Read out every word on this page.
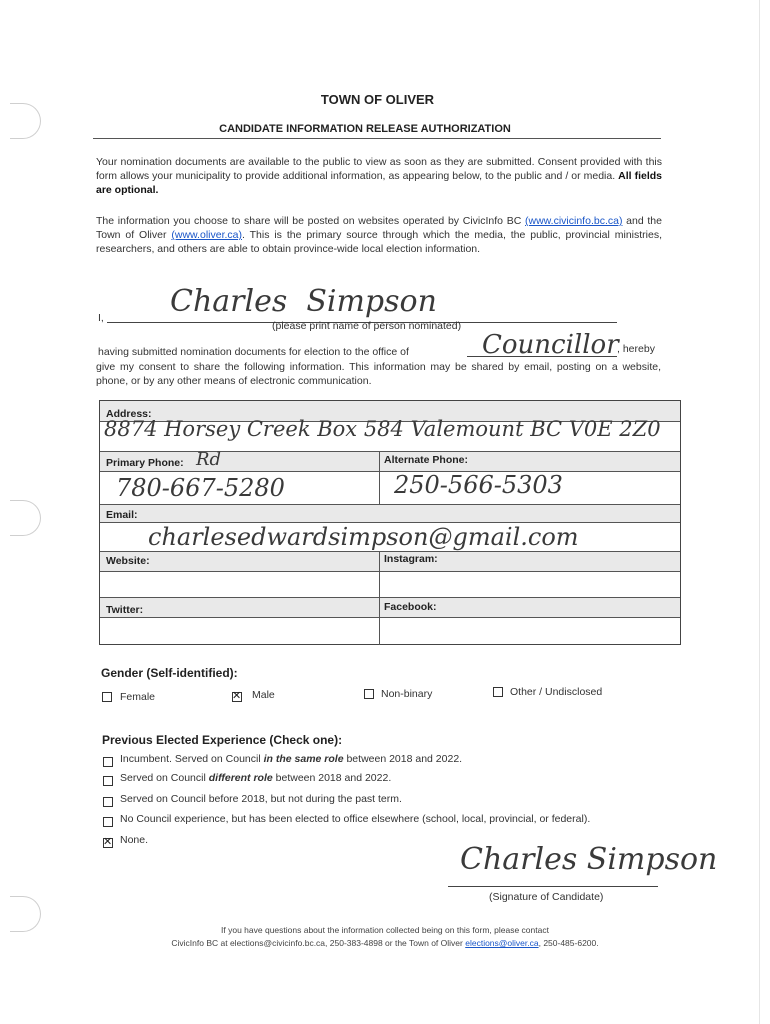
TOWN OF OLIVER
CANDIDATE INFORMATION RELEASE AUTHORIZATION
Your nomination documents are available to the public to view as soon as they are submitted. Consent provided with this form allows your municipality to provide additional information, as appearing below, to the public and / or media. All fields are optional.
The information you choose to share will be posted on websites operated by CivicInfo BC (www.civicinfo.bc.ca) and the Town of Oliver (www.oliver.ca). This is the primary source through which the media, the public, provincial ministries, researchers, and others are able to obtain province-wide local election information.
I, Charles  Simpson
(please print name of person nominated)
having submitted nomination documents for election to the office of	Councillor
, hereby
give my consent to share the following information. This information may be shared by email, posting on a website, phone, or by any other means of electronic communication.
Address:
8874 Horsey Creek Box 584 Valemount BC V0E 2Z0
Primary Phone: Rd	Alternate Phone:
780-667-5280	250-566-5303
Email:
charlesedwardsimpson@gmail.com
Website:	Instagram:
Twitter:	Facebook:
Gender (Self-identified):
Female
✕	Male	Non-binary	Other / Undisclosed
Previous Elected Experience (Check one):
Incumbent. Served on Council in the same role between 2018 and 2022.
Served on Council different role between 2018 and 2022.
Served on Council before 2018, but not during the past term.
No Council experience, but has been elected to office elsewhere (school, local, provincial, or federal).
✕
None.
Charles Simpson
(Signature of Candidate)
If you have questions about the information collected being on this form, please contact
CivicInfo BC at elections@civicinfo.bc.ca, 250-383-4898 or the Town of Oliver elections@oliver.ca, 250-485-6200.
